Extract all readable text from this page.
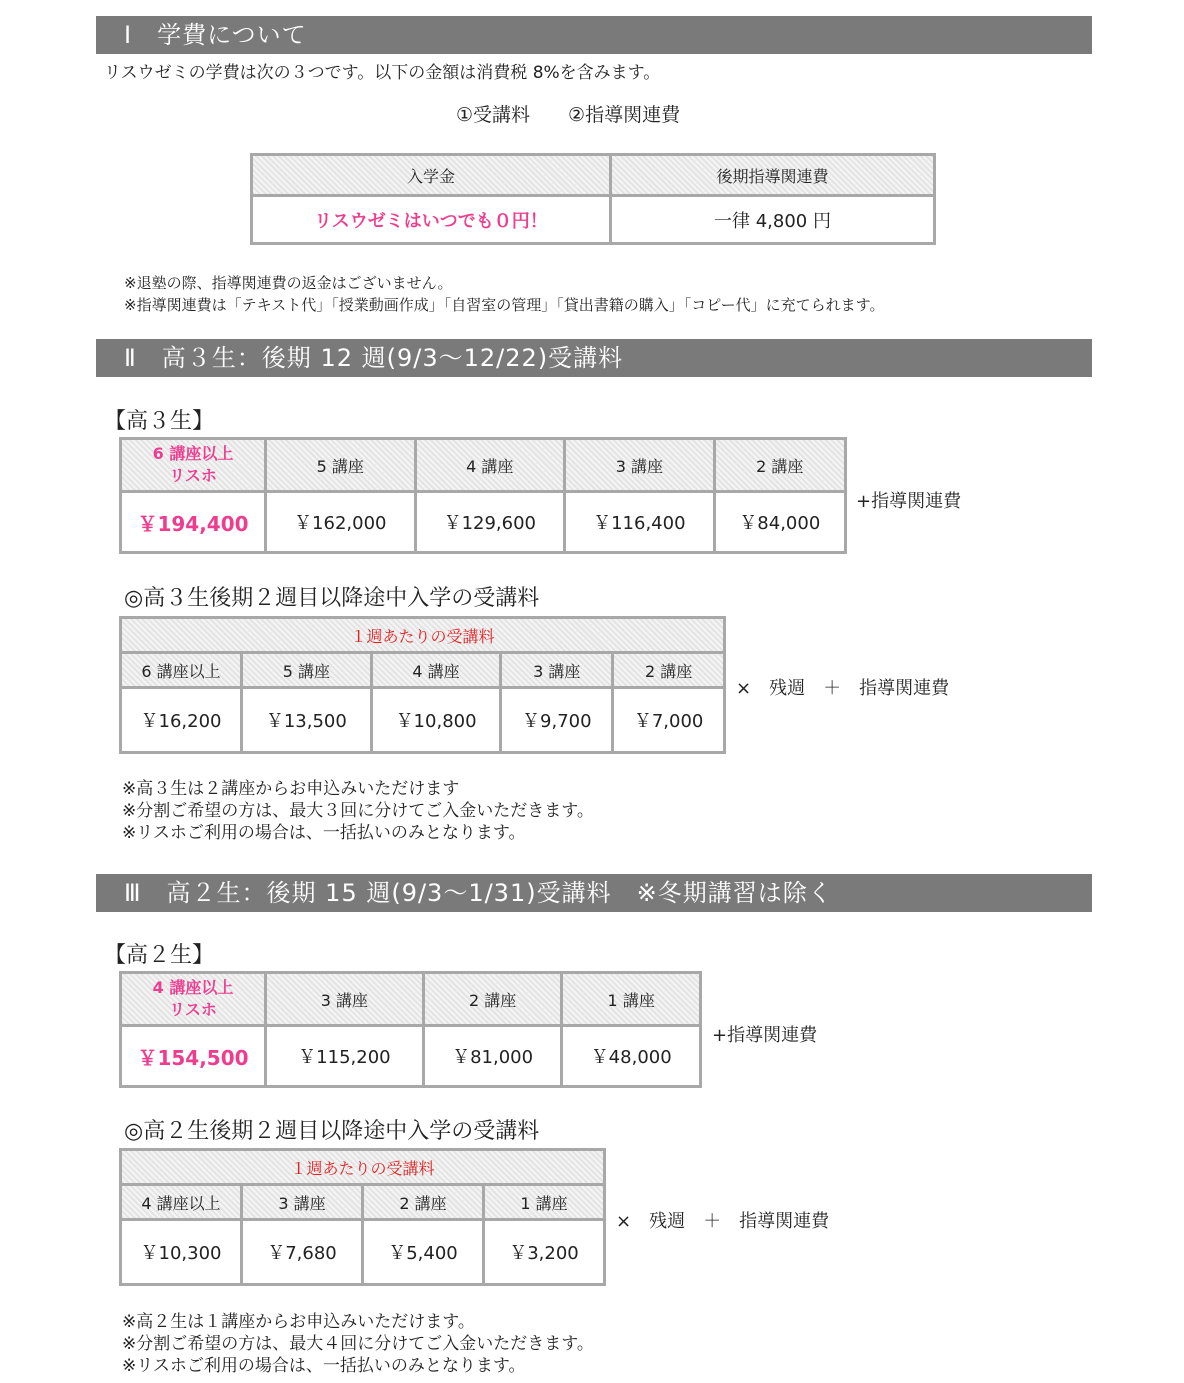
Ⅰ　学費について
リスウゼミの学費は次の３つです。以下の金額は消費税 8%を含みます。
①受講料　　②指導関連費
入学金	後期指導関連費
リスウゼミはいつでも０円！	一律 4,800 円
※退塾の際、指導関連費の返金はございません。
※指導関連費は「テキスト代」「授業動画作成」「自習室の管理」「貸出書籍の購入」「コピー代」に充てられます。
Ⅱ　高３生：後期 12 週(9/3～12/22)受講料
【高３生】
6 講座以上
リスホ	5 講座	4 講座	3 講座	2 講座
￥194,400	￥162,000	￥129,600	￥116,400	￥84,000
+指導関連費
◎高３生後期２週目以降途中入学の受講料
１週あたりの受講料				
6 講座以上	5 講座	4 講座	3 講座	2 講座
￥16,200	￥13,500	￥10,800	￥9,700	￥7,000
×　残週　＋　指導関連費
※高３生は２講座からお申込みいただけます
※分割ご希望の方は、最大３回に分けてご入金いただきます。
※リスホご利用の場合は、一括払いのみとなります。
Ⅲ　高２生：後期 15 週(9/3～1/31)受講料　※冬期講習は除く
【高２生】
4 講座以上
リスホ	3 講座	2 講座	1 講座
￥154,500	￥115,200	￥81,000	￥48,000
+指導関連費
◎高２生後期２週目以降途中入学の受講料
１週あたりの受講料			
4 講座以上	3 講座	2 講座	1 講座
￥10,300	￥7,680	￥5,400	￥3,200
×　残週　＋　指導関連費
※高２生は１講座からお申込みいただけます。
※分割ご希望の方は、最大４回に分けてご入金いただきます。
※リスホご利用の場合は、一括払いのみとなります。
